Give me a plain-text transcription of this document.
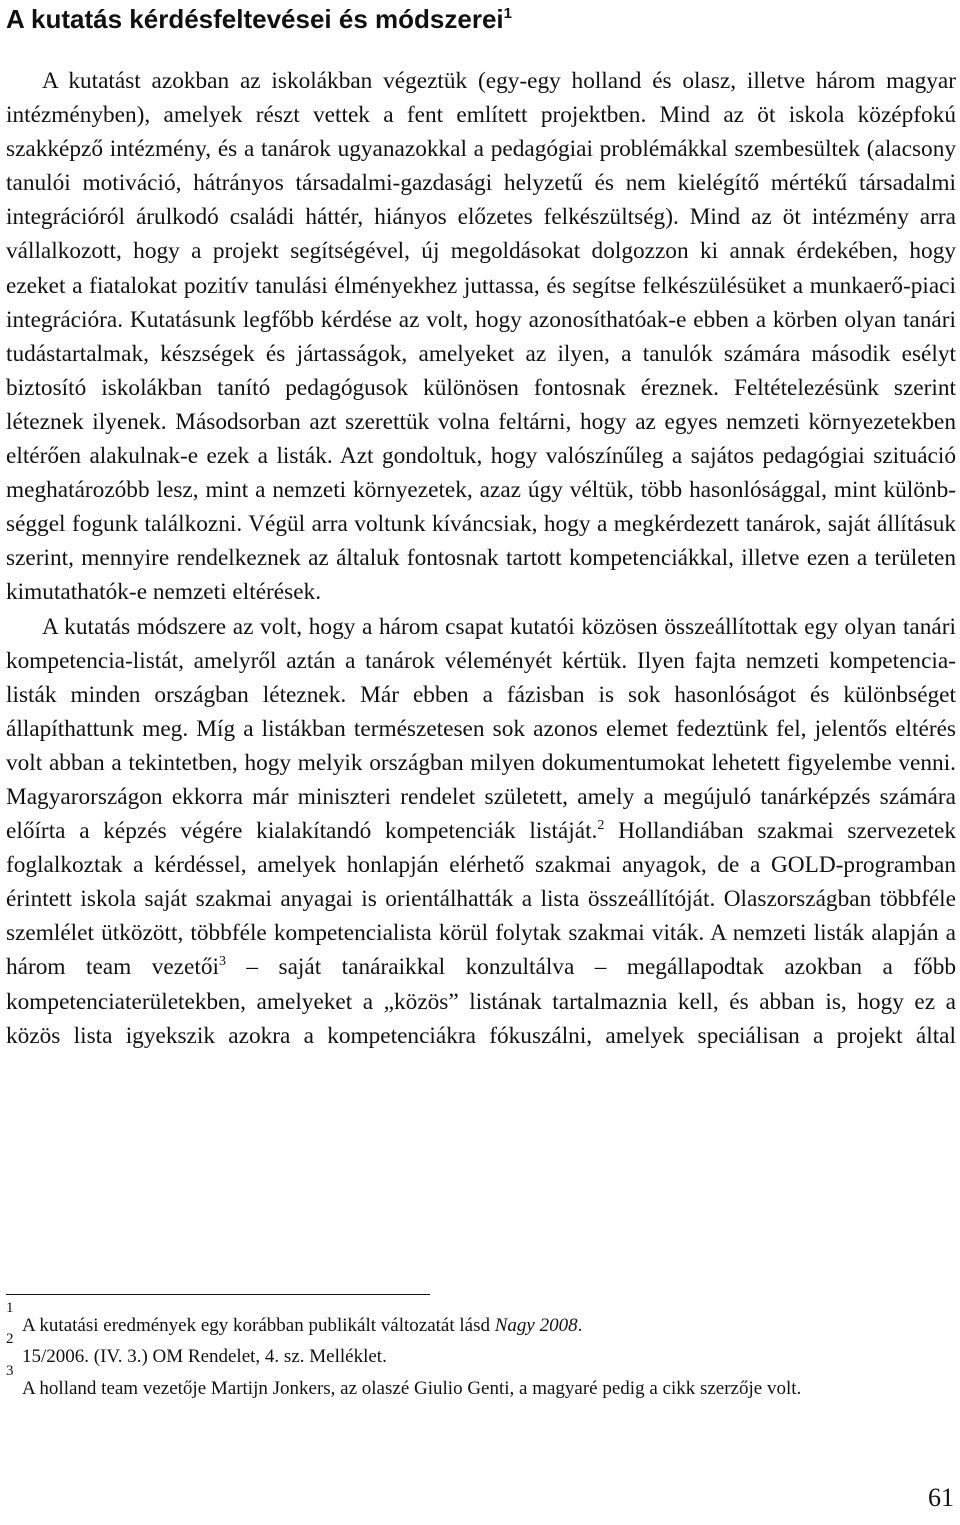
A kutatás kérdésfeltevései és módszerei$^1$

A kutatást azokban az iskolákban végeztük (egy-egy holland és olasz, illetve három magyar intézményben), amelyek részt vettek a fent említett projektben. Mind az öt iskola középfokú szakképző intézmény, és a tanárok ugyanazokkal a pedagógiai problémákkal szembesültek (alacsony tanulói motiváció, hátrányos társadalmi-gazdasági helyzetű és nem kielégítő mértékű társadalmi integrációról árulkodó családi háttér, hiányos előzetes felkészültség). Mind az öt intézmény arra vállalkozott, hogy a projekt segítségével, új megoldásokat dolgozzon ki annak érdekében, hogy ezeket a fiatalokat pozitív tanulási élményekhez juttassa, és segítse felkészülésüket a munkaerő-piaci integrációra. Kutatásunk legfőbb kérdése az volt, hogy azonosíthatóak-e ebben a körben olyan tanári tudástartalmak, készségek és jártasságok, amelyeket az ilyen, a tanulók számára második esélyt biztosító iskolákban tanító pedagógusok különösen fontosnak éreznek. Feltételezésünk szerint léteznek ilyenek. Másodsorban azt szerettük volna feltárni, hogy az egyes nemzeti környezetekben eltérően alakulnak-e ezek a listák. Azt gondoltuk, hogy valószínűleg a sajátos pedagógiai szituáció meghatározóbb lesz, mint a nemzeti környezetek, azaz úgy véltük, több hasonlósággal, mint különbséggel fogunk találkozni. Végül arra voltunk kíváncsiak, hogy a megkérdezett tanárok, saját állításuk szerint, mennyire rendelkeznek az általuk fontosnak tartott kompetenciákkal, illetve ezen a területen kimutathatók-e nemzeti eltérések.

A kutatás módszere az volt, hogy a három csapat kutatói közösen összeállítottak egy olyan tanári kompetencia-listát, amelyről aztán a tanárok véleményét kértük. Ilyen fajta nemzeti kompetencia-listák minden országban léteznek. Már ebben a fázisban is sok hasonlóságot és különbséget állapíthattunk meg. Míg a listákban természetesen sok azonos elemet fedeztünk fel, jelentős eltérés volt abban a tekintetben, hogy melyik országban milyen dokumentumokat lehetett figyelembe venni. Magyarországon ekkorra már miniszteri rendelet született, amely a megújuló tanárképzés számára előírta a képzés végére kialakítandó kompetenciák listáját.$^2$ Hollandiában szakmai szervezetek foglalkoztak a kérdéssel, amelyek honlapján elérhető szakmai anyagok, de a GOLD-programban érintett iskola saját szakmai anyagai is orientálhatták a lista összeállítóját. Olaszországban többféle szemlélet ütközött, többféle kompetencialista körül folytak szakmai viták. A nemzeti listák alapján a három team vezetői$^3$ – saját tanáraikkal konzultálva – megállapodtak azokban a főbb kompetenciaterületekben, amelyeket a „közös” listának tartalmaznia kell, és abban is, hogy ez a közös lista igyekszik azokra a kompetenciákra fókuszálni, amelyek speciálisan a projekt által

1
A kutatási eredmények egy korábban publikált változatát lásd Nagy 2008.
2
15/2006. (IV. 3.) OM Rendelet, 4. sz. Melléklet.
3
A holland team vezetője Martijn Jonkers, az olaszé Giulio Genti, a magyaré pedig a cikk szerzője volt.
61
